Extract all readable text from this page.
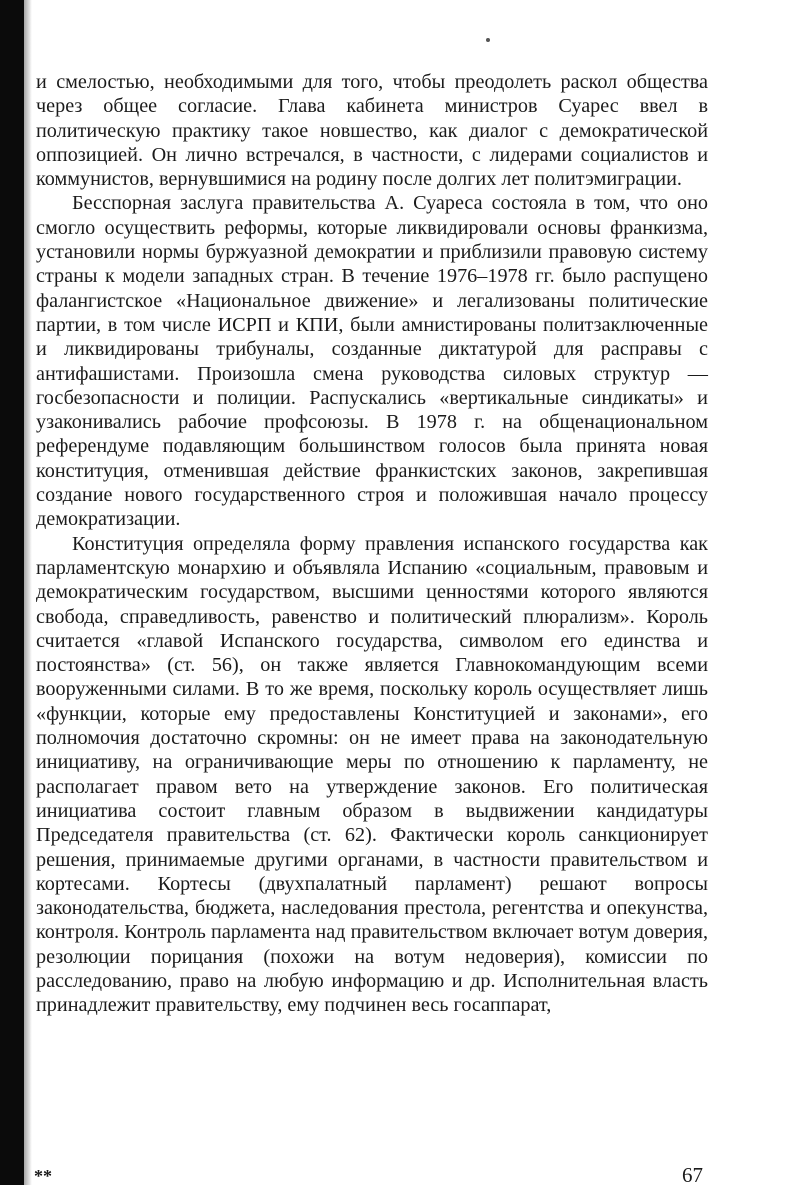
и смелостью, необходимыми для того, чтобы преодолеть раскол общества через общее согласие. Глава кабинета министров Суарес ввел в политическую практику такое новшество, как диалог с демократической оппозицией. Он лично встречался, в частности, с лидерами социалистов и коммунистов, вернувшимися на родину после долгих лет политэмиграции.

Бесспорная заслуга правительства А. Суареса состояла в том, что оно смогло осуществить реформы, которые ликвидировали основы франкизма, установили нормы буржуазной демократии и приблизили правовую систему страны к модели западных стран. В течение 1976–1978 гг. было распущено фалангистское «Национальное движение» и легализованы политические партии, в том числе ИСРП и КПИ, были амнистированы политзаключенные и ликвидированы трибуналы, созданные диктатурой для расправы с антифашистами. Произошла смена руководства силовых структур — госбезопасности и полиции. Распускались «вертикальные синдикаты» и узаконивались рабочие профсоюзы. В 1978 г. на общенациональном референдуме подавляющим большинством голосов была принята новая конституция, отменившая действие франкистских законов, закрепившая создание нового государственного строя и положившая начало процессу демократизации.

Конституция определяла форму правления испанского государства как парламентскую монархию и объявляла Испанию «социальным, правовым и демократическим государством, высшими ценностями которого являются свобода, справедливость, равенство и политический плюрализм». Король считается «главой Испанского государства, символом его единства и постоянства» (ст. 56), он также является Главнокомандующим всеми вооруженными силами. В то же время, поскольку король осуществляет лишь «функции, которые ему предоставлены Конституцией и законами», его полномочия достаточно скромны: он не имеет права на законодательную инициативу, на ограничивающие меры по отношению к парламенту, не располагает правом вето на утверждение законов. Его политическая инициатива состоит главным образом в выдвижении кандидатуры Председателя правительства (ст. 62). Фактически король санкционирует решения, принимаемые другими органами, в частности правительством и кортесами. Кортесы (двухпалатный парламент) решают вопросы законодательства, бюджета, наследования престола, регентства и опекунства, контроля. Контроль парламента над правительством включает вотум доверия, резолюции порицания (похожи на вотум недоверия), комиссии по расследованию, право на любую информацию и др. Исполнительная власть принадлежит правительству, ему подчинен весь госаппарат,

**	67
